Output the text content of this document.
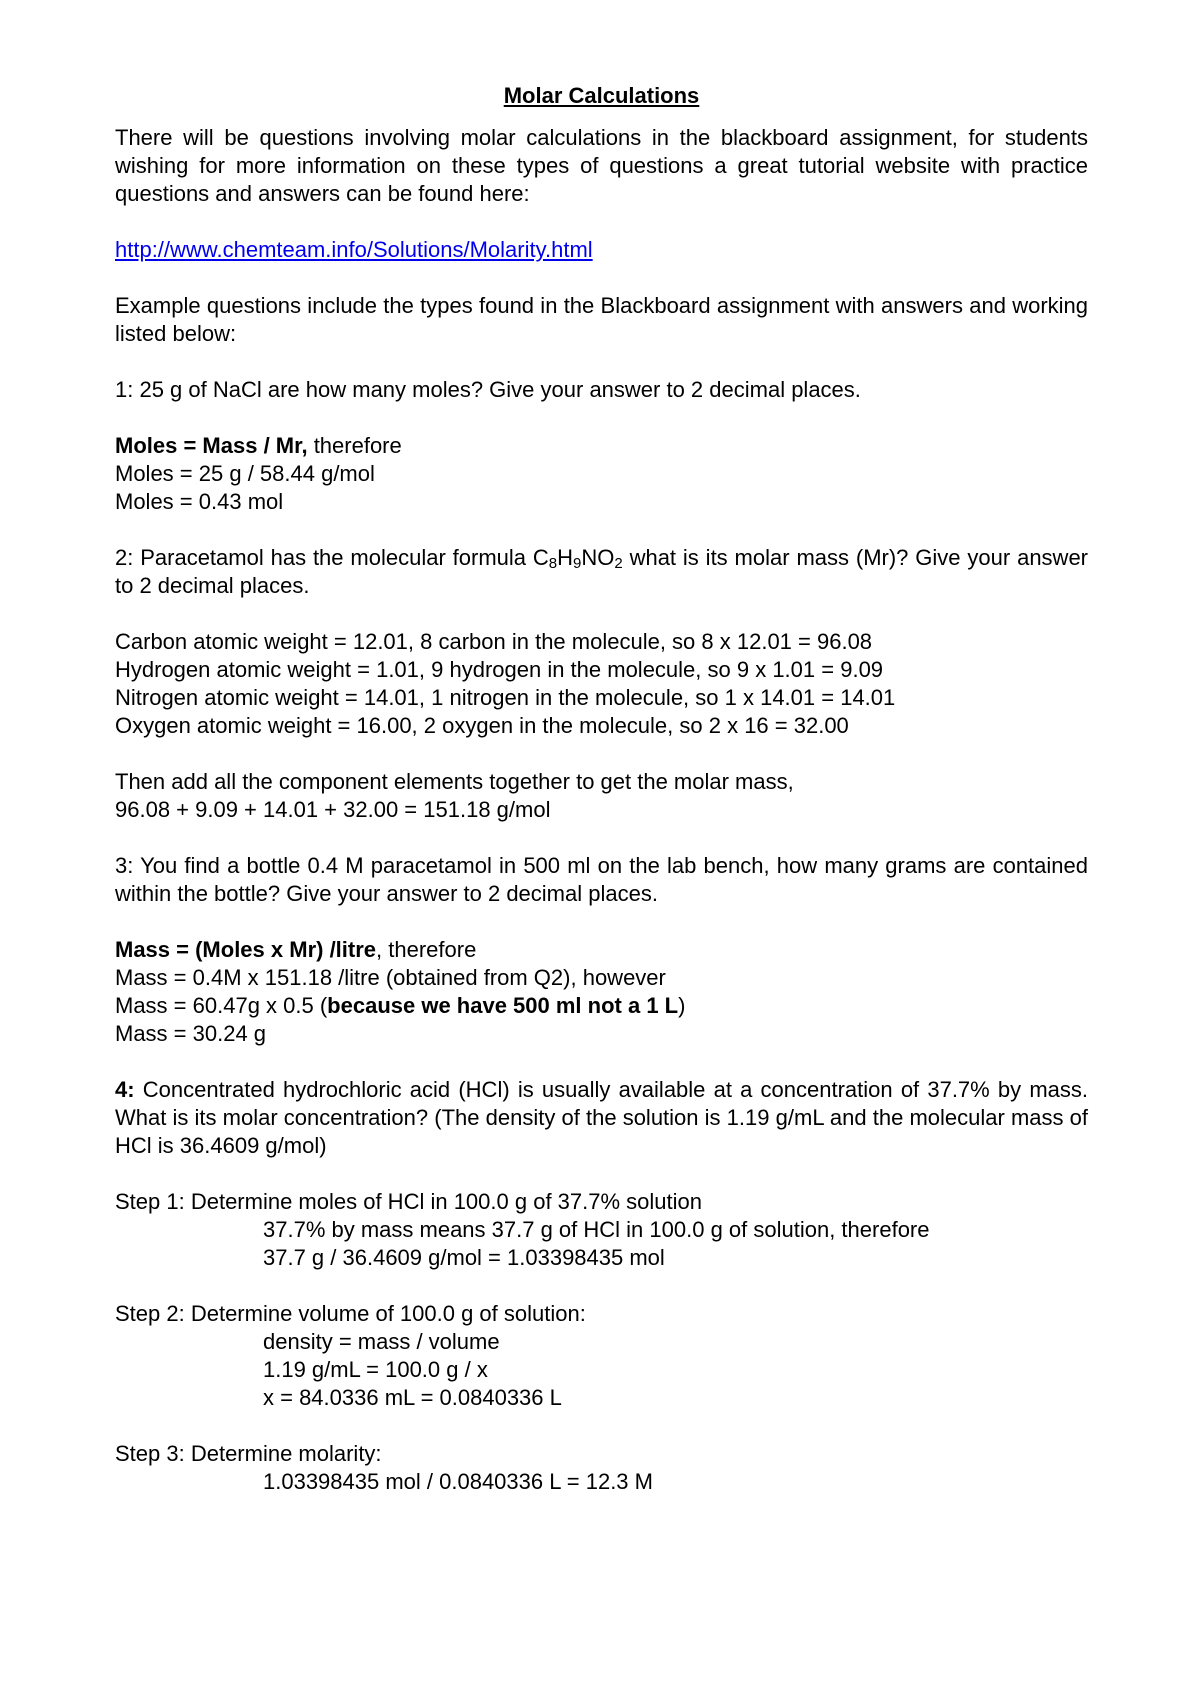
Molar Calculations

There will be questions involving molar calculations in the blackboard assignment, for students wishing for more information on these types of questions a great tutorial website with practice questions and answers can be found here:

http://www.chemteam.info/Solutions/Molarity.html

Example questions include the types found in the Blackboard assignment with answers and working listed below:

1: 25 g of NaCl are how many moles? Give your answer to 2 decimal places.

Moles = Mass / Mr, therefore

Moles = 25 g / 58.44 g/mol

Moles = 0.43 mol

2: Paracetamol has the molecular formula $C_8H_9NO_2$ what is its molar mass (Mr)? Give your answer to 2 decimal places.

Carbon atomic weight = 12.01, 8 carbon in the molecule, so 8 x 12.01 = 96.08

Hydrogen atomic weight = 1.01, 9 hydrogen in the molecule, so 9 x 1.01 = 9.09

Nitrogen atomic weight = 14.01, 1 nitrogen in the molecule, so 1 x 14.01 = 14.01

Oxygen atomic weight = 16.00, 2 oxygen in the molecule, so 2 x 16 = 32.00

Then add all the component elements together to get the molar mass,

96.08 + 9.09 + 14.01 + 32.00 = 151.18 g/mol

3: You find a bottle 0.4 M paracetamol in 500 ml on the lab bench, how many grams are contained within the bottle? Give your answer to 2 decimal places.

Mass = (Moles x Mr) /litre, therefore

Mass = 0.4M x 151.18 /litre (obtained from Q2), however

Mass = 60.47g x 0.5 (because we have 500 ml not a 1 L)

Mass = 30.24 g

4: Concentrated hydrochloric acid (HCl) is usually available at a concentration of 37.7% by mass. What is its molar concentration? (The density of the solution is 1.19 g/mL and the molecular mass of HCl is 36.4609 g/mol)

Step 1: Determine moles of HCl in 100.0 g of 37.7% solution

37.7% by mass means 37.7 g of HCl in 100.0 g of solution, therefore

37.7 g / 36.4609 g/mol = 1.03398435 mol

Step 2: Determine volume of 100.0 g of solution:

density = mass / volume

1.19 g/mL = 100.0 g / x

x = 84.0336 mL = 0.0840336 L

Step 3: Determine molarity:

1.03398435 mol / 0.0840336 L = 12.3 M
